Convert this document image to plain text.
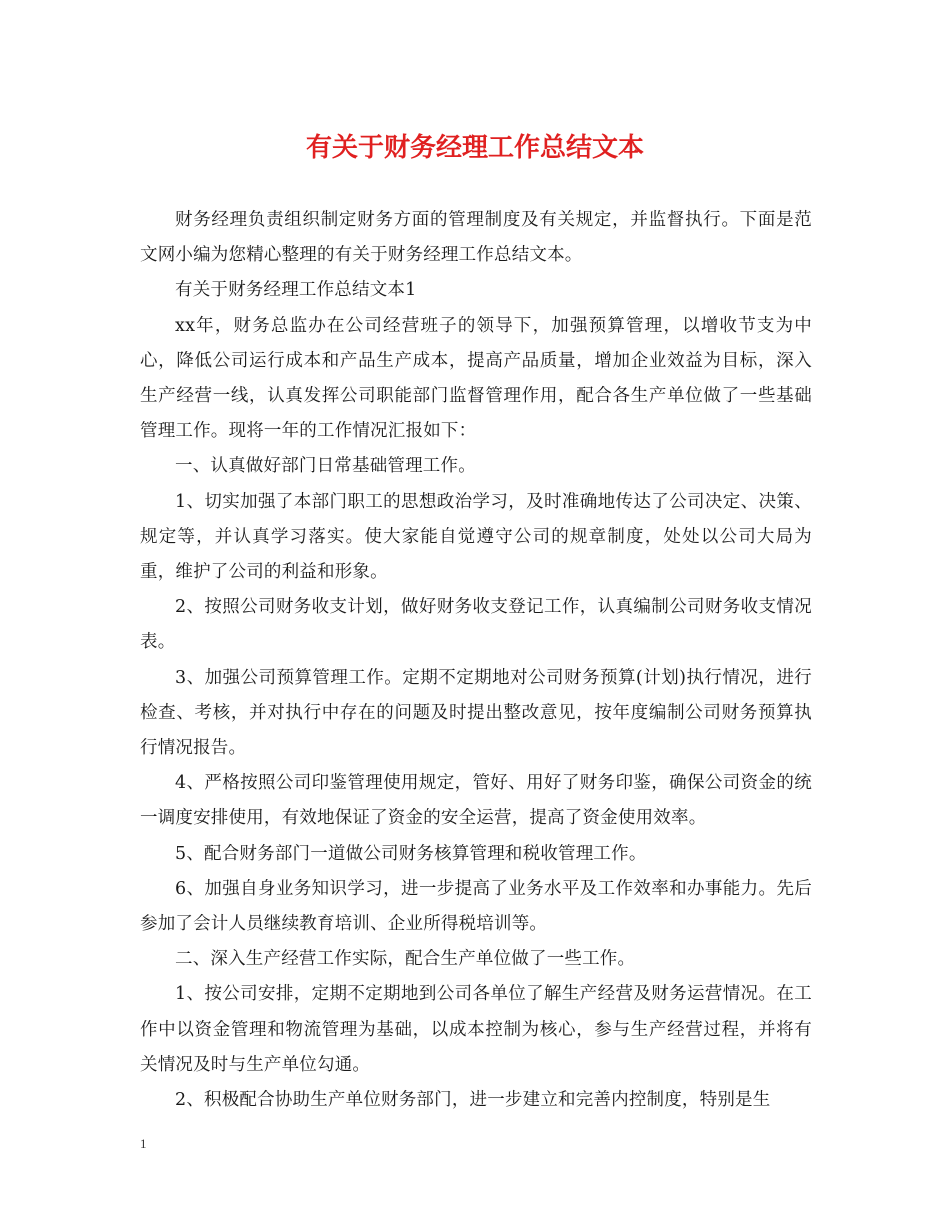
有关于财务经理工作总结文本

财务经理负责组织制定财务方面的管理制度及有关规定，并监督执行。下面是范文网小编为您精心整理的有关于财务经理工作总结文本。

有关于财务经理工作总结文本1

xx年，财务总监办在公司经营班子的领导下，加强预算管理，以增收节支为中心，降低公司运行成本和产品生产成本，提高产品质量，增加企业效益为目标，深入生产经营一线，认真发挥公司职能部门监督管理作用，配合各生产单位做了一些基础管理工作。现将一年的工作情况汇报如下：

一、认真做好部门日常基础管理工作。

1、切实加强了本部门职工的思想政治学习，及时准确地传达了公司决定、决策、规定等，并认真学习落实。使大家能自觉遵守公司的规章制度，处处以公司大局为重，维护了公司的利益和形象。

2、按照公司财务收支计划，做好财务收支登记工作，认真编制公司财务收支情况表。

3、加强公司预算管理工作。定期不定期地对公司财务预算(计划)执行情况，进行检查、考核，并对执行中存在的问题及时提出整改意见，按年度编制公司财务预算执行情况报告。

4、严格按照公司印鉴管理使用规定，管好、用好了财务印鉴，确保公司资金的统一调度安排使用，有效地保证了资金的安全运营，提高了资金使用效率。

5、配合财务部门一道做公司财务核算管理和税收管理工作。

6、加强自身业务知识学习，进一步提高了业务水平及工作效率和办事能力。先后参加了会计人员继续教育培训、企业所得税培训等。

二、深入生产经营工作实际，配合生产单位做了一些工作。

1、按公司安排，定期不定期地到公司各单位了解生产经营及财务运营情况。在工作中以资金管理和物流管理为基础，以成本控制为核心，参与生产经营过程，并将有关情况及时与生产单位勾通。

2、积极配合协助生产单位财务部门，进一步建立和完善内控制度，特别是生

1
